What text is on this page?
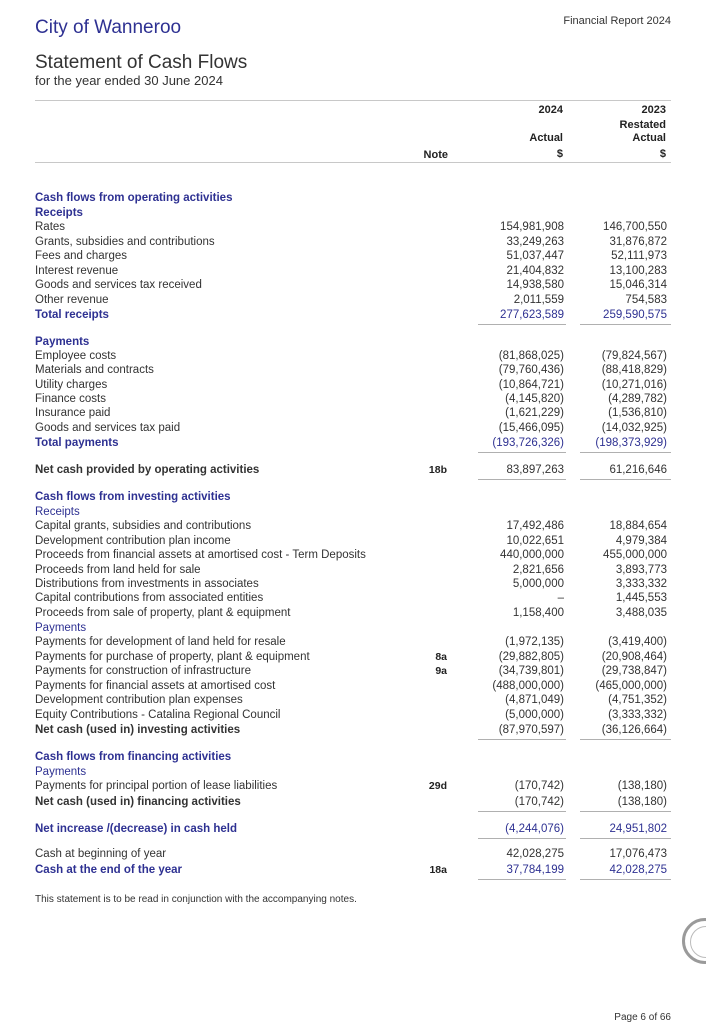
City of Wanneroo	Financial Report 2024
Statement of Cash Flows
for the year ended 30 June 2024
2024	2023
Restated
Actual	Actual
Note	$	$
Cash flows from operating activities
Receipts
Rates	154,981,908	146,700,550
Grants, subsidies and contributions	33,249,263	31,876,872
Fees and charges	51,037,447	52,111,973
Interest revenue	21,404,832	13,100,283
Goods and services tax received	14,938,580	15,046,314
Other revenue	2,011,559	754,583
Total receipts	277,623,589	259,590,575
Payments
Employee costs	(81,868,025)	(79,824,567)
Materials and contracts	(79,760,436)	(88,418,829)
Utility charges	(10,864,721)	(10,271,016)
Finance costs	(4,145,820)	(4,289,782)
Insurance paid	(1,621,229)	(1,536,810)
Goods and services tax paid	(15,466,095)	(14,032,925)
Total payments	(193,726,326)	(198,373,929)
Net cash provided by operating activities	18b	83,897,263	61,216,646
Cash flows from investing activities
Receipts
Capital grants, subsidies and contributions	17,492,486	18,884,654
Development contribution plan income	10,022,651	4,979,384
Proceeds from financial assets at amortised cost - Term Deposits	440,000,000	455,000,000
Proceeds from land held for sale	2,821,656	3,893,773
Distributions from investments in associates	5,000,000	3,333,332
Capital contributions from associated entities	–	1,445,553
Proceeds from sale of property, plant & equipment	1,158,400	3,488,035
Payments
Payments for development of land held for resale	(1,972,135)	(3,419,400)
Payments for purchase of property, plant & equipment	8a	(29,882,805)	(20,908,464)
Payments for construction of infrastructure	9a	(34,739,801)	(29,738,847)
Payments for financial assets at amortised cost	(488,000,000)	(465,000,000)
Development contribution plan expenses	(4,871,049)	(4,751,352)
Equity Contributions - Catalina Regional Council	(5,000,000)	(3,333,332)
Net cash (used in) investing activities	(87,970,597)	(36,126,664)
Cash flows from financing activities
Payments
Payments for principal portion of lease liabilities	29d	(170,742)	(138,180)
Net cash (used in) financing activities	(170,742)	(138,180)
Net increase /(decrease) in cash held	(4,244,076)	24,951,802
Cash at beginning of year	42,028,275	17,076,473
Cash at the end of the year	18a	37,784,199	42,028,275
This statement is to be read in conjunction with the accompanying notes.
Page 6 of 66
